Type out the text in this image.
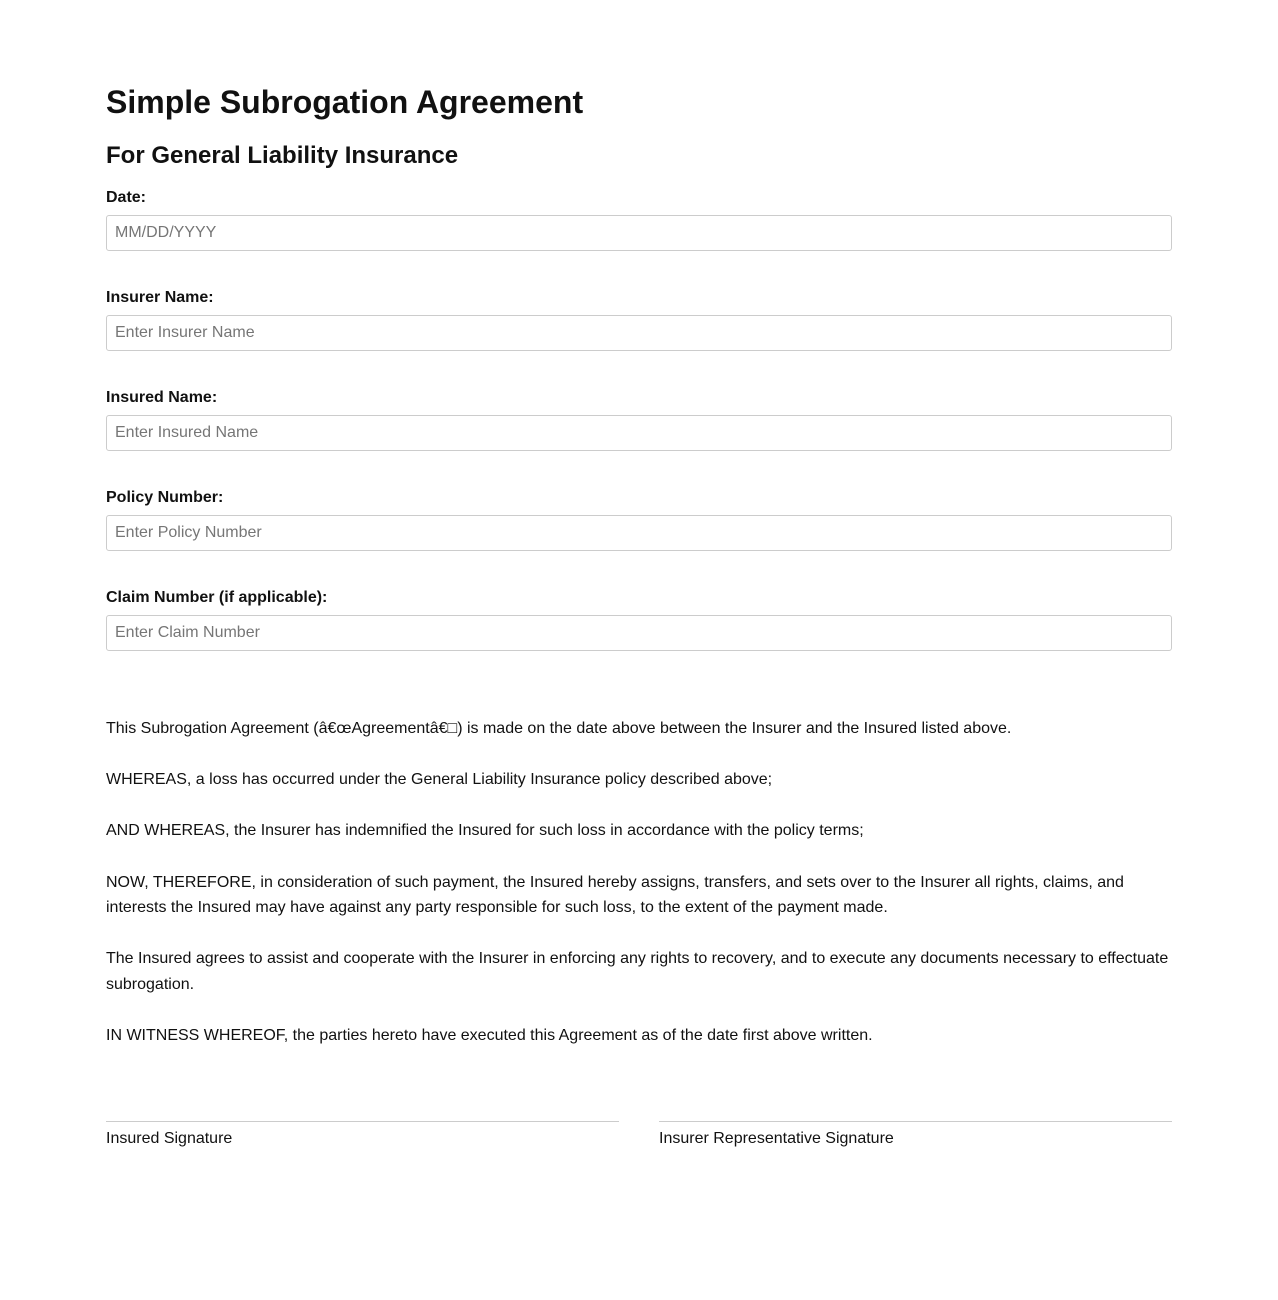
Simple Subrogation Agreement
For General Liability Insurance
Date:
MM/DD/YYYY
Insurer Name:
Enter Insurer Name
Insured Name:
Enter Insured Name
Policy Number:
Enter Policy Number
Claim Number (if applicable):
Enter Claim Number

This Subrogation Agreement (â€œAgreementâ€□) is made on the date above between the Insurer and the Insured listed above.

WHEREAS, a loss has occurred under the General Liability Insurance policy described above;

AND WHEREAS, the Insurer has indemnified the Insured for such loss in accordance with the policy terms;

NOW, THEREFORE, in consideration of such payment, the Insured hereby assigns, transfers, and sets over to the Insurer all rights, claims, and interests the Insured may have against any party responsible for such loss, to the extent of the payment made.

The Insured agrees to assist and cooperate with the Insurer in enforcing any rights to recovery, and to execute any documents necessary to effectuate subrogation.

IN WITNESS WHEREOF, the parties hereto have executed this Agreement as of the date first above written.

Insured Signature	Insurer Representative Signature
